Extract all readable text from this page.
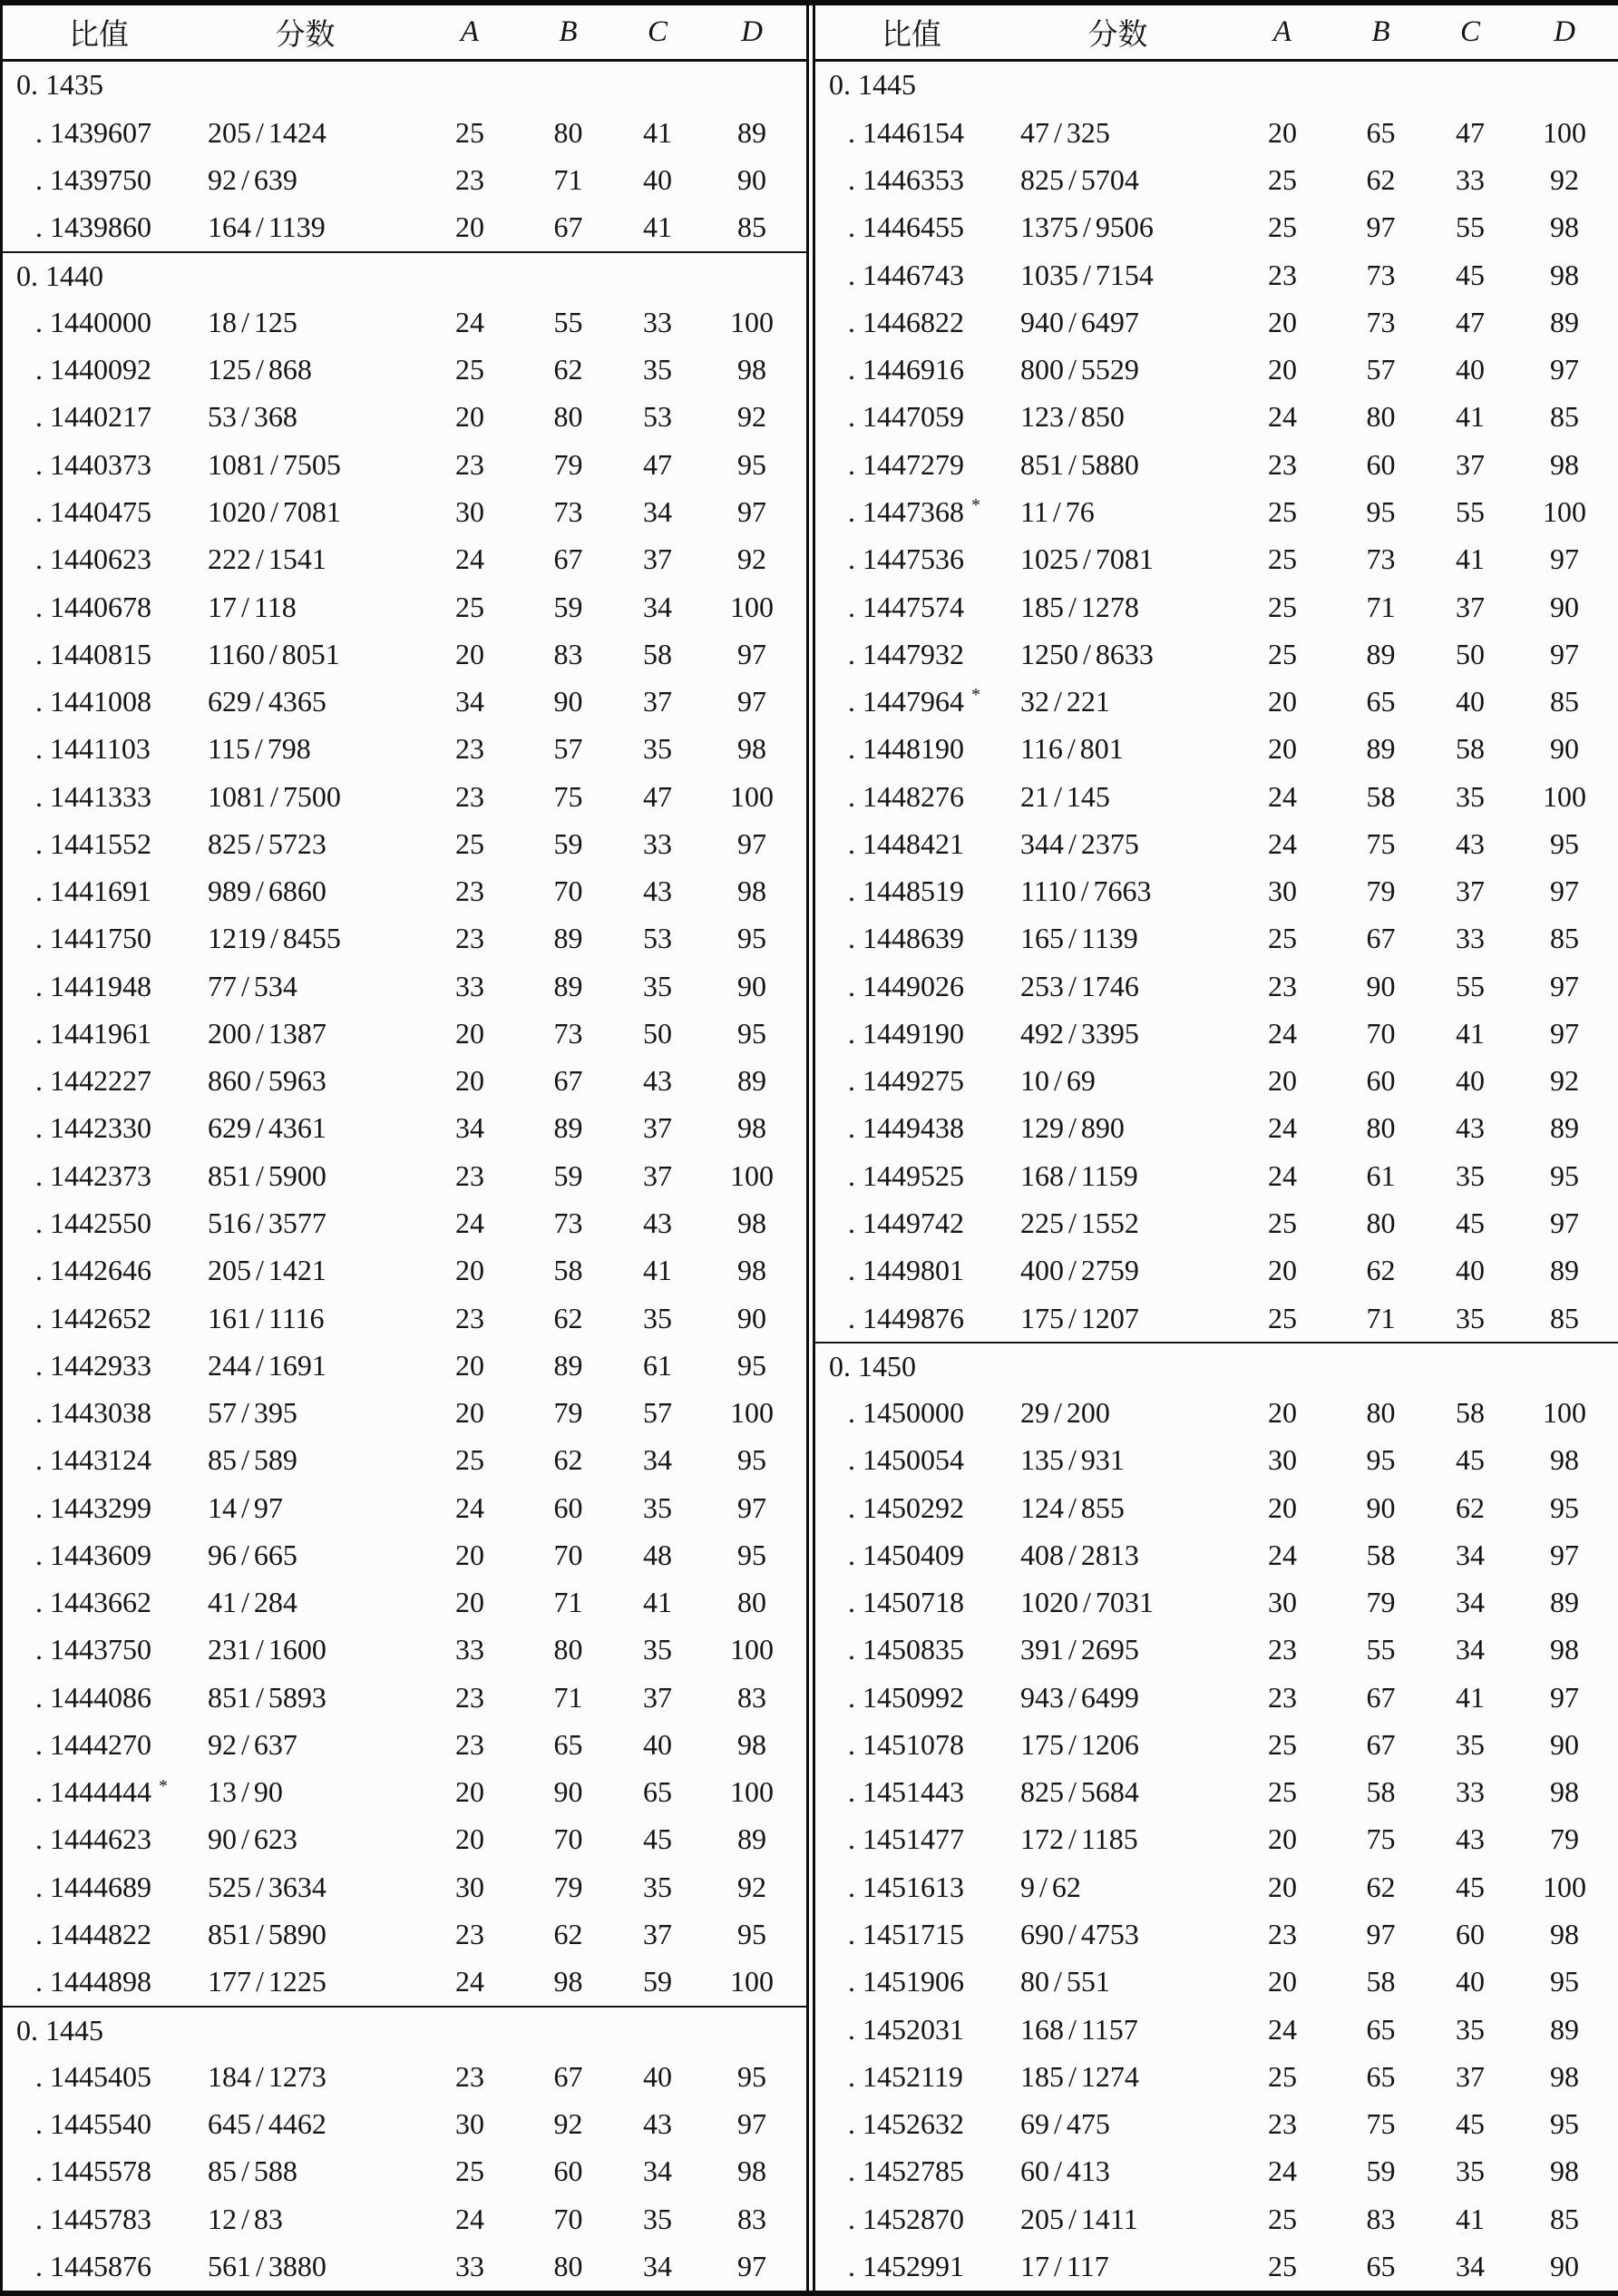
比值	分数	A	B	C	D
0. 1435
. 1439607	205 / 1424	25	80	41	89
. 1439750	92 / 639	23	71	40	90
. 1439860	164 / 1139	20	67	41	85
0. 1440
. 1440000	18 / 125	24	55	33	100
. 1440092	125 / 868	25	62	35	98
. 1440217	53 / 368	20	80	53	92
. 1440373	1081 / 7505	23	79	47	95
. 1440475	1020 / 7081	30	73	34	97
. 1440623	222 / 1541	24	67	37	92
. 1440678	17 / 118	25	59	34	100
. 1440815	1160 / 8051	20	83	58	97
. 1441008	629 / 4365	34	90	37	97
. 1441103	115 / 798	23	57	35	98
. 1441333	1081 / 7500	23	75	47	100
. 1441552	825 / 5723	25	59	33	97
. 1441691	989 / 6860	23	70	43	98
. 1441750	1219 / 8455	23	89	53	95
. 1441948	77 / 534	33	89	35	90
. 1441961	200 / 1387	20	73	50	95
. 1442227	860 / 5963	20	67	43	89
. 1442330	629 / 4361	34	89	37	98
. 1442373	851 / 5900	23	59	37	100
. 1442550	516 / 3577	24	73	43	98
. 1442646	205 / 1421	20	58	41	98
. 1442652	161 / 1116	23	62	35	90
. 1442933	244 / 1691	20	89	61	95
. 1443038	57 / 395	20	79	57	100
. 1443124	85 / 589	25	62	34	95
. 1443299	14 / 97	24	60	35	97
. 1443609	96 / 665	20	70	48	95
. 1443662	41 / 284	20	71	41	80
. 1443750	231 / 1600	33	80	35	100
. 1444086	851 / 5893	23	71	37	83
. 1444270	92 / 637	23	65	40	98
. 1444444 *	13 / 90	20	90	65	100
. 1444623	90 / 623	20	70	45	89
. 1444689	525 / 3634	30	79	35	92
. 1444822	851 / 5890	23	62	37	95
. 1444898	177 / 1225	24	98	59	100
0. 1445
. 1445405	184 / 1273	23	67	40	95
. 1445540	645 / 4462	30	92	43	97
. 1445578	85 / 588	25	60	34	98
. 1445783	12 / 83	24	70	35	83
. 1445876	561 / 3880	33	80	34	97
比值	分数	A	B	C	D
0. 1445
. 1446154	47 / 325	20	65	47	100
. 1446353	825 / 5704	25	62	33	92
. 1446455	1375 / 9506	25	97	55	98
. 1446743	1035 / 7154	23	73	45	98
. 1446822	940 / 6497	20	73	47	89
. 1446916	800 / 5529	20	57	40	97
. 1447059	123 / 850	24	80	41	85
. 1447279	851 / 5880	23	60	37	98
. 1447368 *	11 / 76	25	95	55	100
. 1447536	1025 / 7081	25	73	41	97
. 1447574	185 / 1278	25	71	37	90
. 1447932	1250 / 8633	25	89	50	97
. 1447964 *	32 / 221	20	65	40	85
. 1448190	116 / 801	20	89	58	90
. 1448276	21 / 145	24	58	35	100
. 1448421	344 / 2375	24	75	43	95
. 1448519	1110 / 7663	30	79	37	97
. 1448639	165 / 1139	25	67	33	85
. 1449026	253 / 1746	23	90	55	97
. 1449190	492 / 3395	24	70	41	97
. 1449275	10 / 69	20	60	40	92
. 1449438	129 / 890	24	80	43	89
. 1449525	168 / 1159	24	61	35	95
. 1449742	225 / 1552	25	80	45	97
. 1449801	400 / 2759	20	62	40	89
. 1449876	175 / 1207	25	71	35	85
0. 1450
. 1450000	29 / 200	20	80	58	100
. 1450054	135 / 931	30	95	45	98
. 1450292	124 / 855	20	90	62	95
. 1450409	408 / 2813	24	58	34	97
. 1450718	1020 / 7031	30	79	34	89
. 1450835	391 / 2695	23	55	34	98
. 1450992	943 / 6499	23	67	41	97
. 1451078	175 / 1206	25	67	35	90
. 1451443	825 / 5684	25	58	33	98
. 1451477	172 / 1185	20	75	43	79
. 1451613	9 / 62	20	62	45	100
. 1451715	690 / 4753	23	97	60	98
. 1451906	80 / 551	20	58	40	95
. 1452031	168 / 1157	24	65	35	89
. 1452119	185 / 1274	25	65	37	98
. 1452632	69 / 475	23	75	45	95
. 1452785	60 / 413	24	59	35	98
. 1452870	205 / 1411	25	83	41	85
. 1452991	17 / 117	25	65	34	90
